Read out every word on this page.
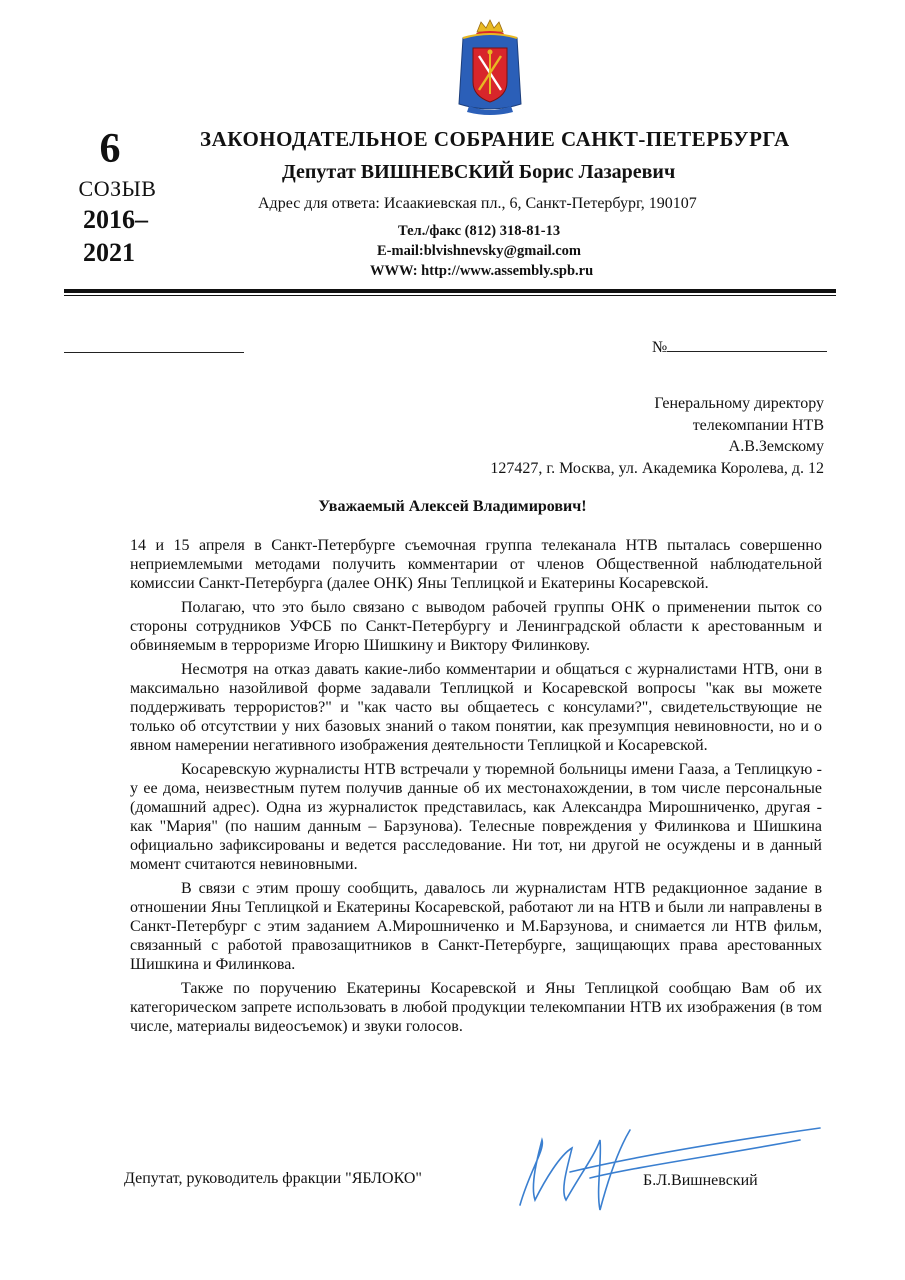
6
СОЗЫВ
2016–
2021
ЗАКОНОДАТЕЛЬНОЕ СОБРАНИЕ САНКТ-ПЕТЕРБУРГА
Депутат ВИШНЕВСКИЙ Борис Лазаревич
Адрес для ответа: Исаакиевская пл., 6, Санкт-Петербург, 190107
Тел./факс (812) 318-81-13
E-mail:blvishnevsky@gmail.com
WWW: http://www.assembly.spb.ru
№
Генеральному директору
телекомпании НТВ
А.В.Земскому
127427, г. Москва, ул. Академика Королева, д. 12
Уважаемый Алексей Владимирович!

14 и 15 апреля в Санкт-Петербурге съемочная группа телеканала НТВ пыталась совершенно неприемлемыми методами получить комментарии от членов Общественной наблюдательной комиссии Санкт-Петербурга (далее ОНК) Яны Теплицкой и Екатерины Косаревской.

Полагаю, что это было связано с выводом рабочей группы ОНК о применении пыток со стороны сотрудников УФСБ по Санкт-Петербургу и Ленинградской области к арестованным и обвиняемым в терроризме Игорю Шишкину и Виктору Филинкову.

Несмотря на отказ давать какие-либо комментарии и общаться с журналистами НТВ, они в максимально назойливой форме задавали Теплицкой и Косаревской вопросы "как вы можете поддерживать террористов?" и "как часто вы общаетесь с консулами?", свидетельствующие не только об отсутствии у них базовых знаний о таком понятии, как презумпция невиновности, но и о явном намерении негативного изображения деятельности Теплицкой и Косаревской.

Косаревскую журналисты НТВ встречали у тюремной больницы имени Гааза, а Теплицкую - у ее дома, неизвестным путем получив данные об их местонахождении, в том числе персональные (домашний адрес). Одна из журналисток представилась, как Александра Мирошниченко, другая - как "Мария" (по нашим данным – Барзунова). Телесные повреждения у Филинкова и Шишкина официально зафиксированы и ведется расследование. Ни тот, ни другой не осуждены и в данный момент считаются невиновными.

В связи с этим прошу сообщить, давалось ли журналистам НТВ редакционное задание в отношении Яны Теплицкой и Екатерины Косаревской, работают ли на НТВ и были ли направлены в Санкт-Петербург с этим заданием А.Мирошниченко и М.Барзунова, и снимается ли НТВ фильм, связанный с работой правозащитников в Санкт-Петербурге, защищающих права арестованных Шишкина и Филинкова.

Также по поручению Екатерины Косаревской и Яны Теплицкой сообщаю Вам об их категорическом запрете использовать в любой продукции телекомпании НТВ их изображения (в том числе, материалы видеосъемок) и звуки голосов.

Депутат, руководитель фракции "ЯБЛОКО"	Б.Л.Вишневский
